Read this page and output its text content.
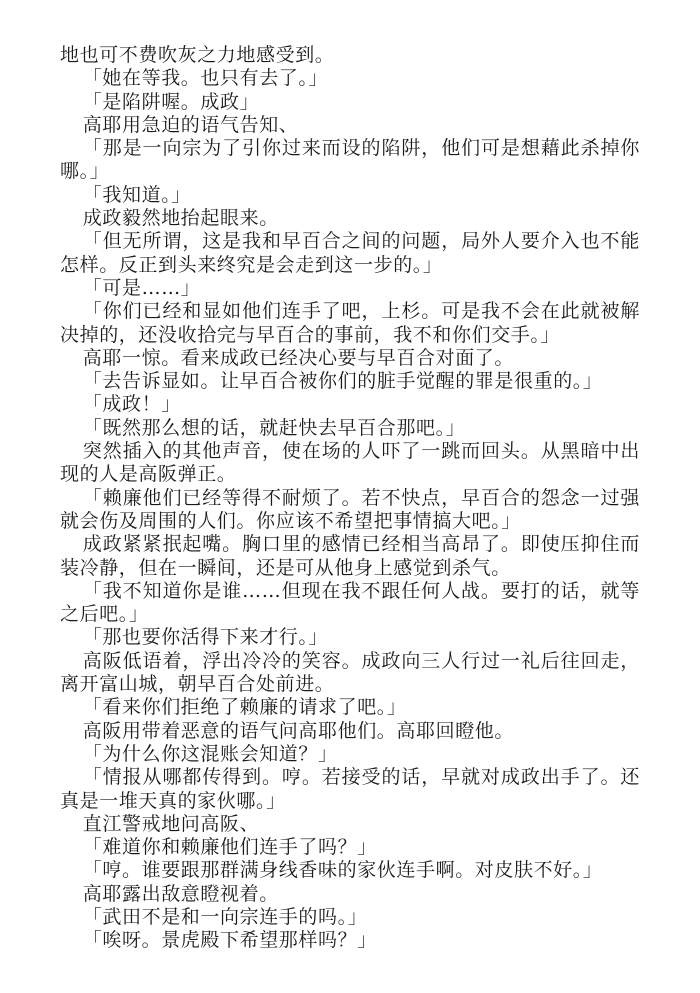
地也可不费吹灰之力地感受到。

「她在等我。也只有去了。」

「是陷阱喔。成政」

高耶用急迫的语气告知、

「那是一向宗为了引你过来而设的陷阱，他们可是想藉此杀掉你哪。」

「我知道。」

成政毅然地抬起眼来。

「但无所谓，这是我和早百合之间的问题，局外人要介入也不能怎样。反正到头来终究是会走到这一步的。」

「可是……」

「你们已经和显如他们连手了吧，上杉。可是我不会在此就被解决掉的，还没收拾完与早百合的事前，我不和你们交手。」

高耶一惊。看来成政已经决心要与早百合对面了。

「去告诉显如。让早百合被你们的脏手觉醒的罪是很重的。」

「成政！」

「既然那么想的话，就赶快去早百合那吧。」

突然插入的其他声音，使在场的人吓了一跳而回头。从黑暗中出现的人是高阪弹正。

「赖廉他们已经等得不耐烦了。若不快点，早百合的怨念一过强就会伤及周围的人们。你应该不希望把事情搞大吧。」

成政紧紧抿起嘴。胸口里的感情已经相当高昂了。即使压抑住而装冷静，但在一瞬间，还是可从他身上感觉到杀气。

「我不知道你是谁……但现在我不跟任何人战。要打的话，就等之后吧。」

「那也要你活得下来才行。」

高阪低语着，浮出冷冷的笑容。成政向三人行过一礼后往回走，离开富山城，朝早百合处前进。

「看来你们拒绝了赖廉的请求了吧。」

高阪用带着恶意的语气问高耶他们。高耶回瞪他。

「为什么你这混账会知道？」

「情报从哪都传得到。哼。若接受的话，早就对成政出手了。还真是一堆天真的家伙哪。」

直江警戒地问高阪、

「难道你和赖廉他们连手了吗？」

「哼。谁要跟那群满身线香味的家伙连手啊。对皮肤不好。」

高耶露出敌意瞪视着。

「武田不是和一向宗连手的吗。」

「唉呀。景虎殿下希望那样吗？」
